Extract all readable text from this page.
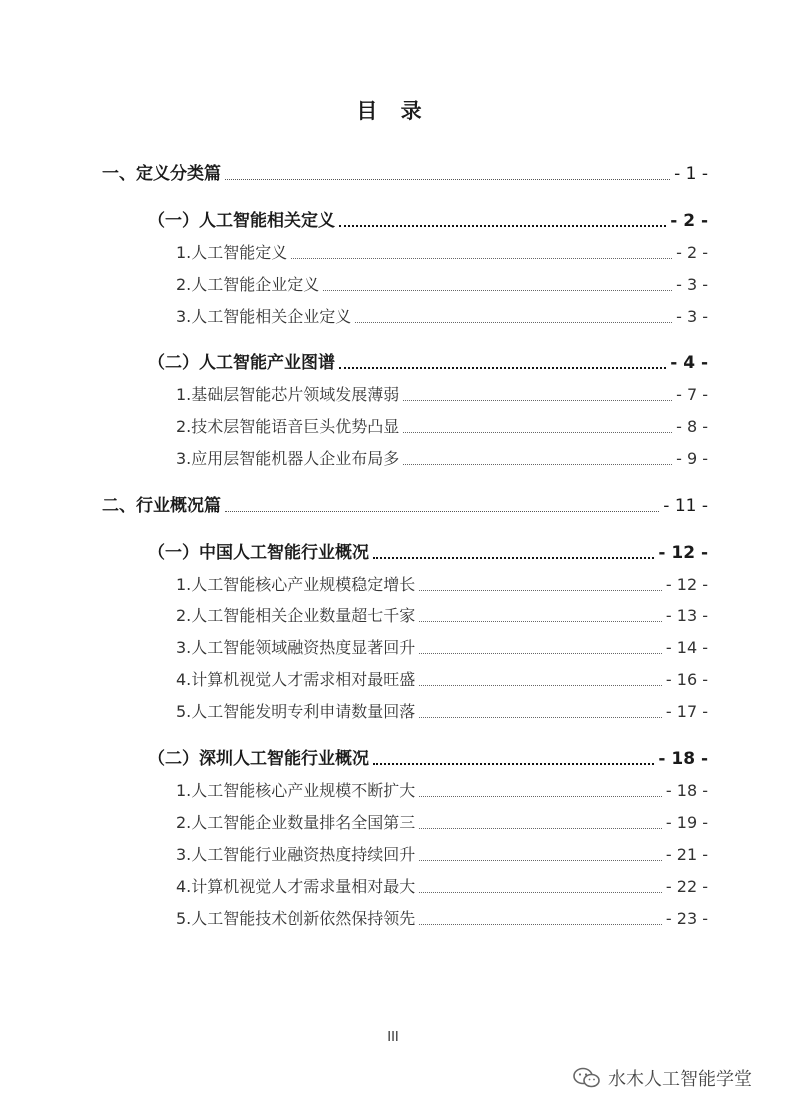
目 录
一、定义分类篇	- 1 -
（一）人工智能相关定义	- 2 -
1.人工智能定义	- 2 -
2.人工智能企业定义	- 3 -
3.人工智能相关企业定义	- 3 -
（二）人工智能产业图谱	- 4 -
1.基础层智能芯片领域发展薄弱	- 7 -
2.技术层智能语音巨头优势凸显	- 8 -
3.应用层智能机器人企业布局多	- 9 -
二、行业概况篇	- 11 -
（一）中国人工智能行业概况	- 12 -
1.人工智能核心产业规模稳定增长	- 12 -
2.人工智能相关企业数量超七千家	- 13 -
3.人工智能领域融资热度显著回升	- 14 -
4.计算机视觉人才需求相对最旺盛	- 16 -
5.人工智能发明专利申请数量回落	- 17 -
（二）深圳人工智能行业概况	- 18 -
1.人工智能核心产业规模不断扩大	- 18 -
2.人工智能企业数量排名全国第三	- 19 -
3.人工智能行业融资热度持续回升	- 21 -
4.计算机视觉人才需求量相对最大	- 22 -
5.人工智能技术创新依然保持领先	- 23 -
III
水木人工智能学堂
